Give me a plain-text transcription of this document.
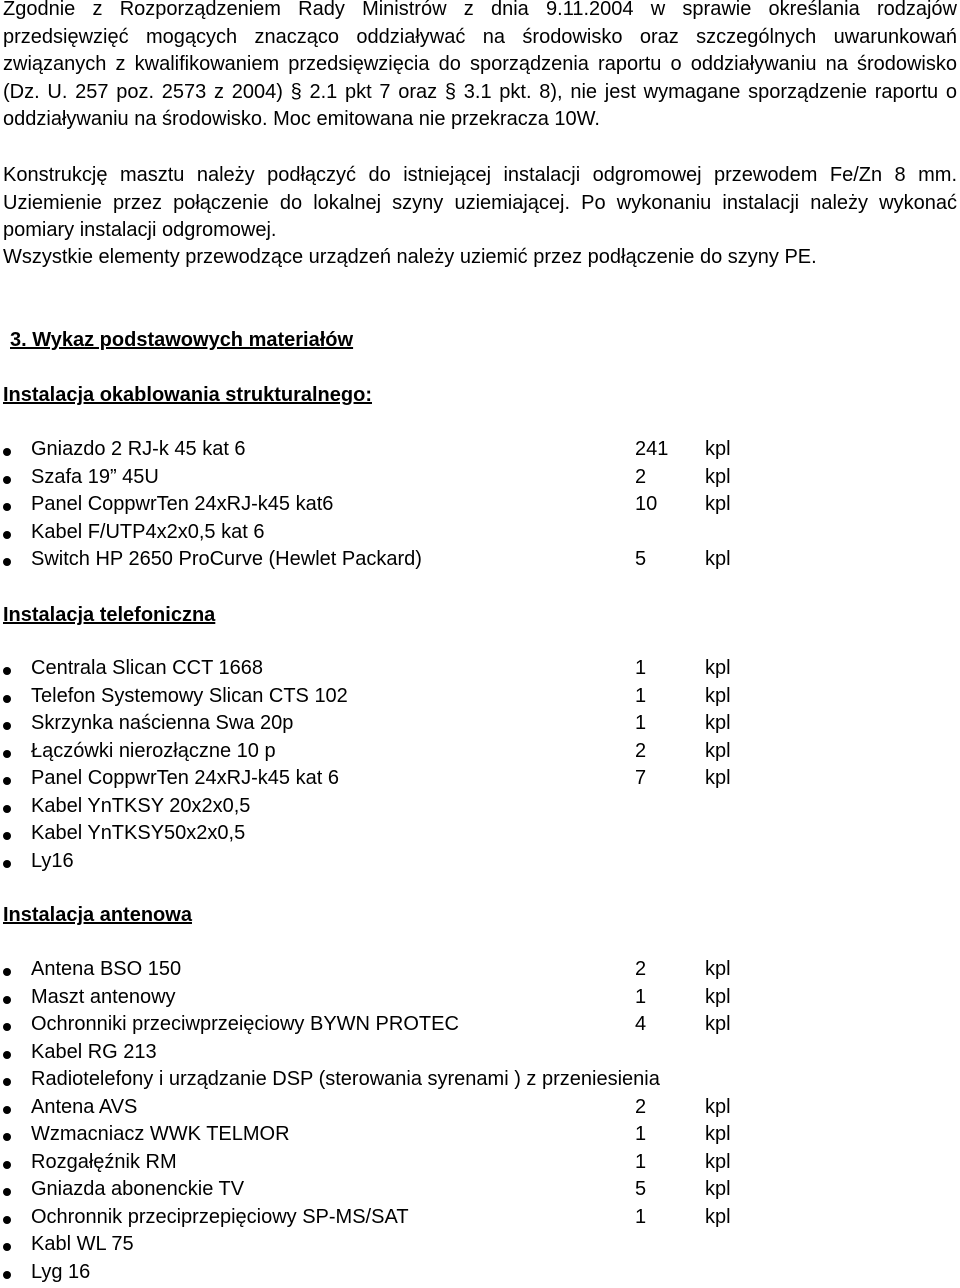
Zgodnie z Rozporządzeniem Rady Ministrów z dnia 9.11.2004 w sprawie określania rodzajów przedsięwzięć mogących znacząco oddziaływać na środowisko oraz szczególnych uwarunkowań związanych z kwalifikowaniem przedsięwzięcia do sporządzenia raportu o oddziaływaniu na środowisko (Dz. U. 257 poz. 2573 z 2004) § 2.1 pkt 7 oraz § 3.1 pkt. 8), nie jest wymagane sporządzenie raportu o oddziaływaniu na środowisko. Moc emitowana nie przekracza 10W.

Konstrukcję masztu należy podłączyć do istniejącej instalacji odgromowej przewodem Fe/Zn 8 mm. Uziemienie przez połączenie do lokalnej szyny uziemiającej. Po wykonaniu instalacji należy wykonać pomiary instalacji odgromowej.

Wszystkie elementy przewodzące urządzeń należy uziemić przez podłączenie do szyny PE.

3. Wykaz podstawowych materiałów
Instalacja okablowania strukturalnego:
Gniazdo 2 RJ-k 45 kat 6	241 kpl
Szafa 19” 45U	2	kpl
Panel CoppwrTen 24xRJ-k45 kat6	10 kpl
Kabel F/UTP4x2x0,5 kat 6
Switch HP 2650 ProCurve (Hewlet Packard)	5	kpl
Instalacja telefoniczna
Centrala Slican CCT 1668	1	kpl
Telefon Systemowy Slican CTS 102	1	kpl
Skrzynka naścienna Swa 20p	1	kpl
Łączówki nierozłączne 10 p	2	kpl
Panel CoppwrTen 24xRJ-k45 kat 6	7	kpl
Kabel YnTKSY 20x2x0,5
Kabel YnTKSY50x2x0,5
Ly16
Instalacja antenowa
Antena BSO 150	2	kpl
Maszt antenowy	1	kpl
Ochronniki przeciwprzeięciowy BYWN PROTEC	4	kpl
Kabel RG 213
Radiotelefony i urządzanie DSP (sterowania syrenami ) z przeniesienia
Antena AVS	2	kpl
Wzmacniacz WWK TELMOR	1	kpl
Rozgałęźnik RM	1	kpl
Gniazda abonenckie TV	5	kpl
Ochronnik przeciprzepięciowy SP-MS/SAT	1	kpl
Kabl WL 75
Lyg 16
